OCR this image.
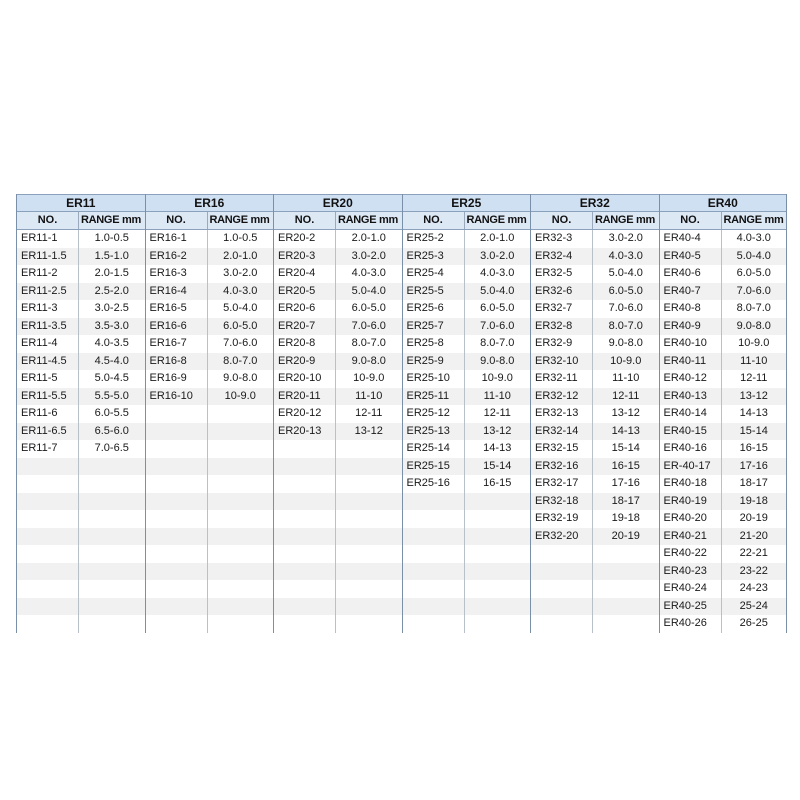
ER11
NO.	RANGE mm
ER11-1	1.0-0.5
ER11-1.5	1.5-1.0
ER11-2	2.0-1.5
ER11-2.5	2.5-2.0
ER11-3	3.0-2.5
ER11-3.5	3.5-3.0
ER11-4	4.0-3.5
ER11-4.5	4.5-4.0
ER11-5	5.0-4.5
ER11-5.5	5.5-5.0
ER11-6	6.0-5.5
ER11-6.5	6.5-6.0
ER11-7	7.0-6.5
ER16
NO.	RANGE mm
ER16-1	1.0-0.5
ER16-2	2.0-1.0
ER16-3	3.0-2.0
ER16-4	4.0-3.0
ER16-5	5.0-4.0
ER16-6	6.0-5.0
ER16-7	7.0-6.0
ER16-8	8.0-7.0
ER16-9	9.0-8.0
ER16-10	10-9.0
ER20
NO.	RANGE mm
ER20-2	2.0-1.0
ER20-3	3.0-2.0
ER20-4	4.0-3.0
ER20-5	5.0-4.0
ER20-6	6.0-5.0
ER20-7	7.0-6.0
ER20-8	8.0-7.0
ER20-9	9.0-8.0
ER20-10	10-9.0
ER20-11	11-10
ER20-12	12-11
ER20-13	13-12
ER25
NO.	RANGE mm
ER25-2	2.0-1.0
ER25-3	3.0-2.0
ER25-4	4.0-3.0
ER25-5	5.0-4.0
ER25-6	6.0-5.0
ER25-7	7.0-6.0
ER25-8	8.0-7.0
ER25-9	9.0-8.0
ER25-10	10-9.0
ER25-11	11-10
ER25-12	12-11
ER25-13	13-12
ER25-14	14-13
ER25-15	15-14
ER25-16	16-15
ER32
NO.	RANGE mm
ER32-3	3.0-2.0
ER32-4	4.0-3.0
ER32-5	5.0-4.0
ER32-6	6.0-5.0
ER32-7	7.0-6.0
ER32-8	8.0-7.0
ER32-9	9.0-8.0
ER32-10	10-9.0
ER32-11	11-10
ER32-12	12-11
ER32-13	13-12
ER32-14	14-13
ER32-15	15-14
ER32-16	16-15
ER32-17	17-16
ER32-18	18-17
ER32-19	19-18
ER32-20	20-19
ER40
NO.	RANGE mm
ER40-4	4.0-3.0
ER40-5	5.0-4.0
ER40-6	6.0-5.0
ER40-7	7.0-6.0
ER40-8	8.0-7.0
ER40-9	9.0-8.0
ER40-10	10-9.0
ER40-11	11-10
ER40-12	12-11
ER40-13	13-12
ER40-14	14-13
ER40-15	15-14
ER40-16	16-15
ER-40-17	17-16
ER40-18	18-17
ER40-19	19-18
ER40-20	20-19
ER40-21	21-20
ER40-22	22-21
ER40-23	23-22
ER40-24	24-23
ER40-25	25-24
ER40-26	26-25
